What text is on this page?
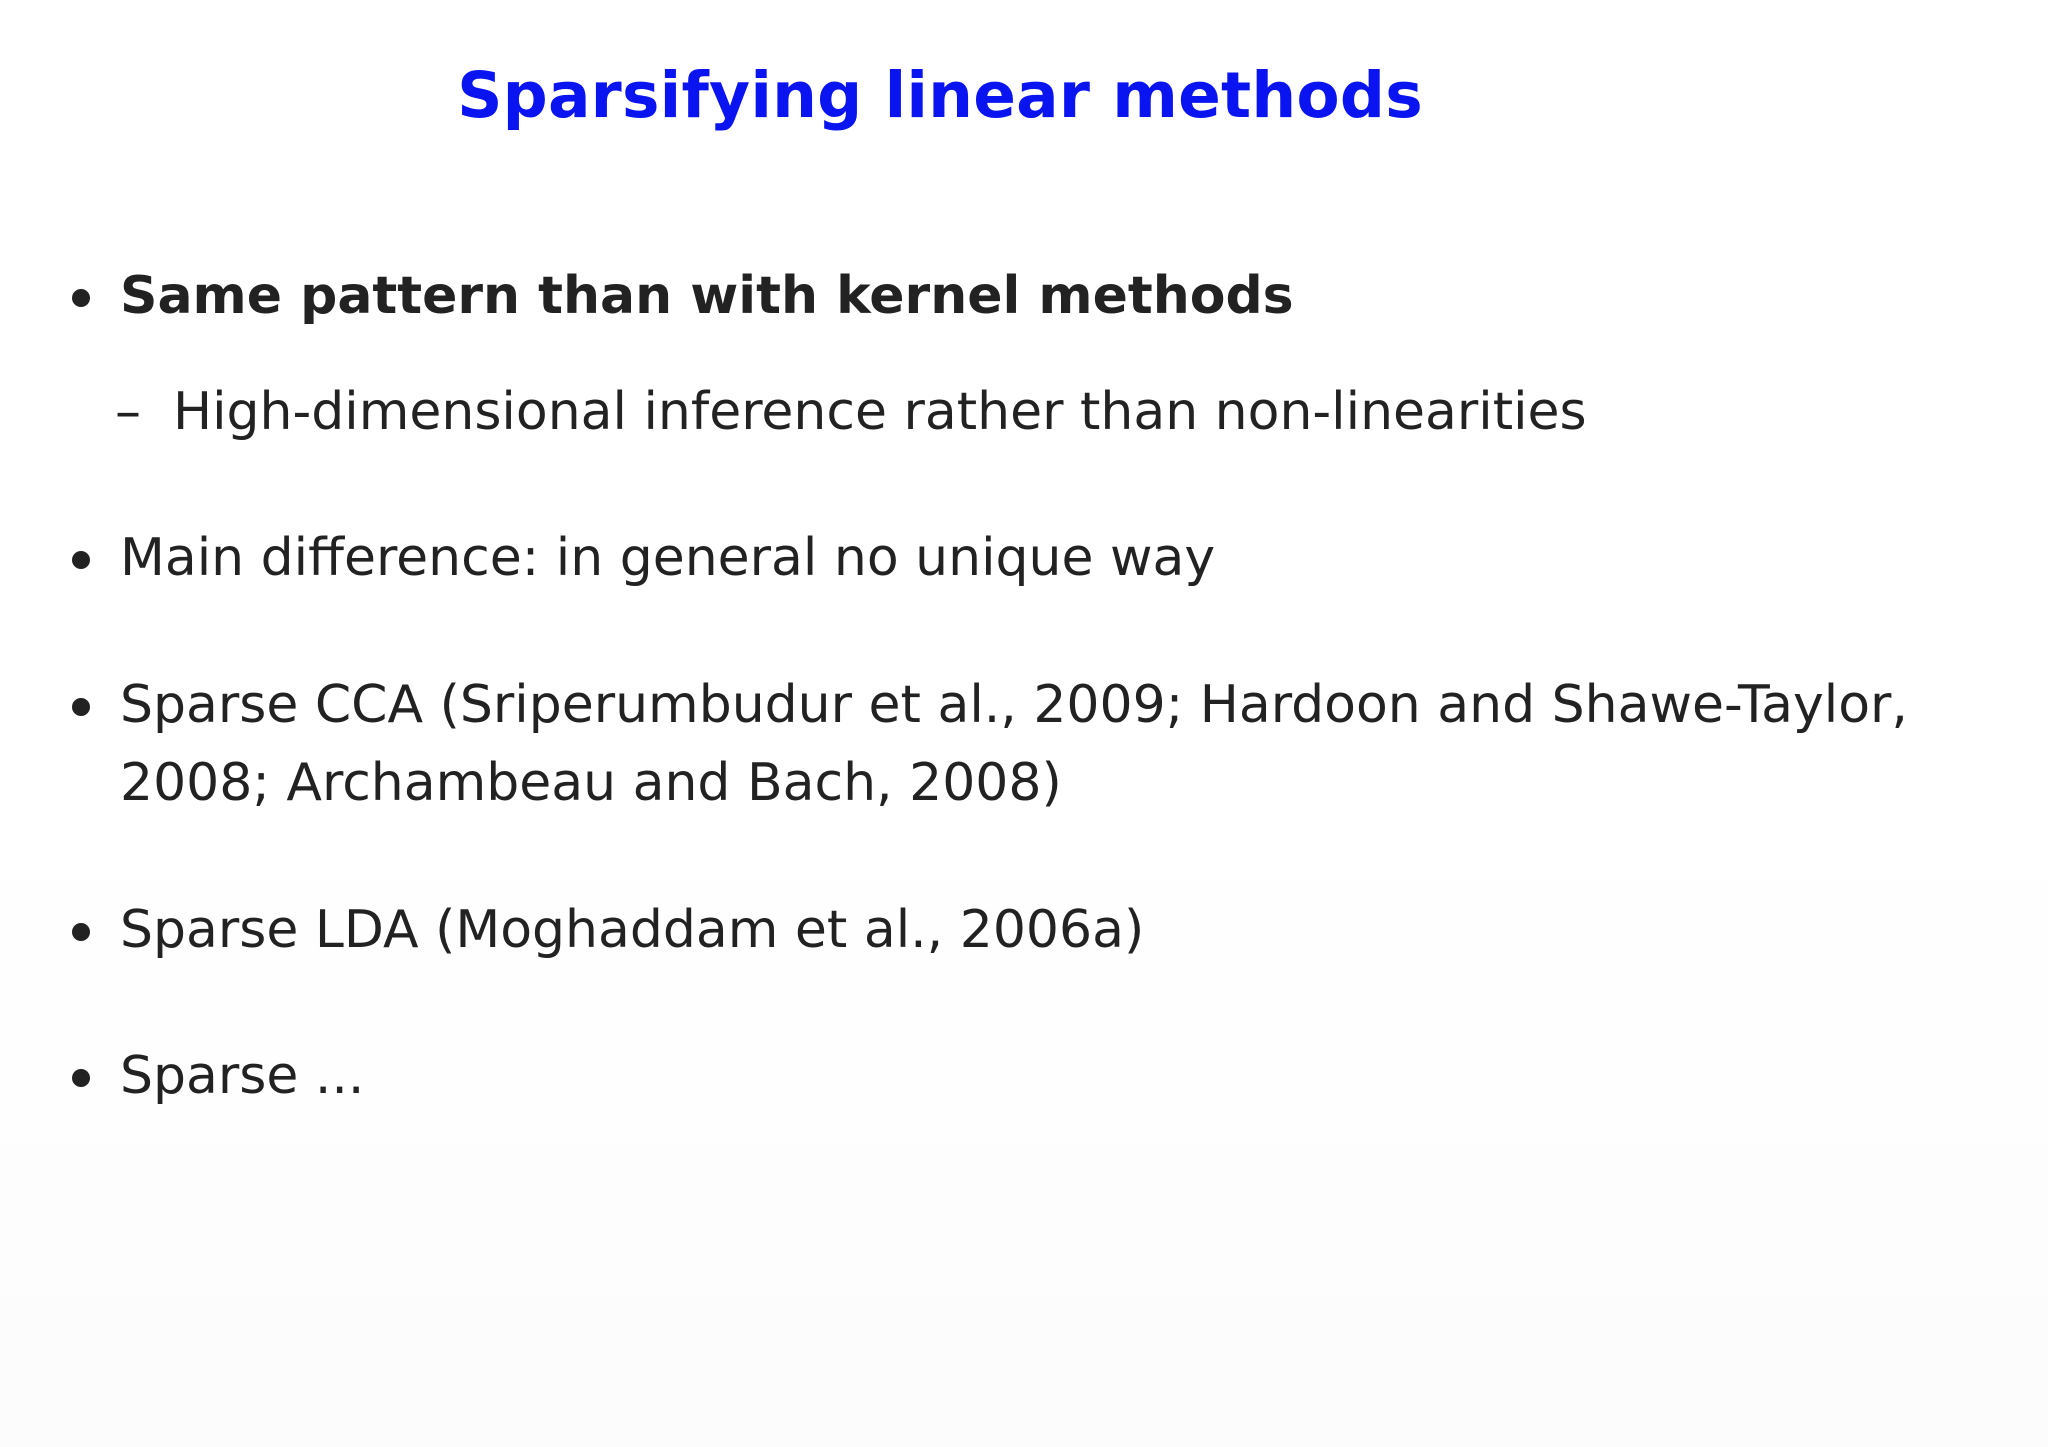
Sparsifying linear methods
Same pattern than with kernel methods
– High-dimensional inference rather than non-linearities
Main difference: in general no unique way
Sparse CCA (Sriperumbudur et al., 2009; Hardoon and Shawe-Taylor,
2008; Archambeau and Bach, 2008)
Sparse LDA (Moghaddam et al., 2006a)
Sparse ...
